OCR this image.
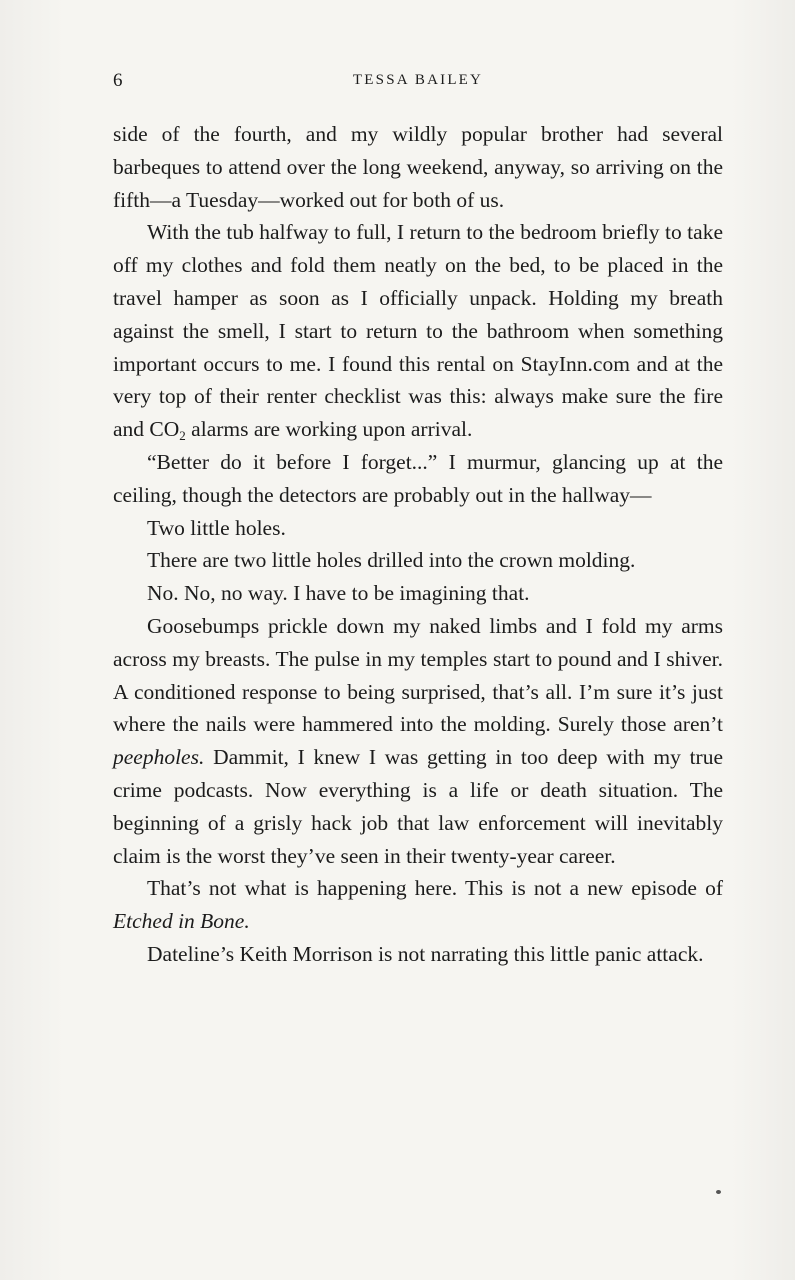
6	TESSA BAILEY

side of the fourth, and my wildly popular brother had several barbeques to attend over the long weekend, anyway, so arriving on the fifth—a Tuesday—worked out for both of us.

With the tub halfway to full, I return to the bedroom briefly to take off my clothes and fold them neatly on the bed, to be placed in the travel hamper as soon as I officially unpack. Holding my breath against the smell, I start to return to the bathroom when something important occurs to me. I found this rental on StayInn.com and at the very top of their renter checklist was this: always make sure the fire and $CO_2$ alarms are working upon arrival.

“Better do it before I forget...” I murmur, glancing up at the ceiling, though the detectors are probably out in the hallway—

Two little holes.

There are two little holes drilled into the crown molding.

No. No, no way. I have to be imagining that.

Goosebumps prickle down my naked limbs and I fold my arms across my breasts. The pulse in my temples start to pound and I shiver. A conditioned response to being surprised, that’s all. I’m sure it’s just where the nails were hammered into the molding. Surely those aren’t peepholes. Dammit, I knew I was getting in too deep with my true crime podcasts. Now everything is a life or death situation. The beginning of a grisly hack job that law enforcement will inevitably claim is the worst they’ve seen in their twenty-year career.

That’s not what is happening here. This is not a new episode of Etched in Bone.

Dateline’s Keith Morrison is not narrating this little panic attack.
